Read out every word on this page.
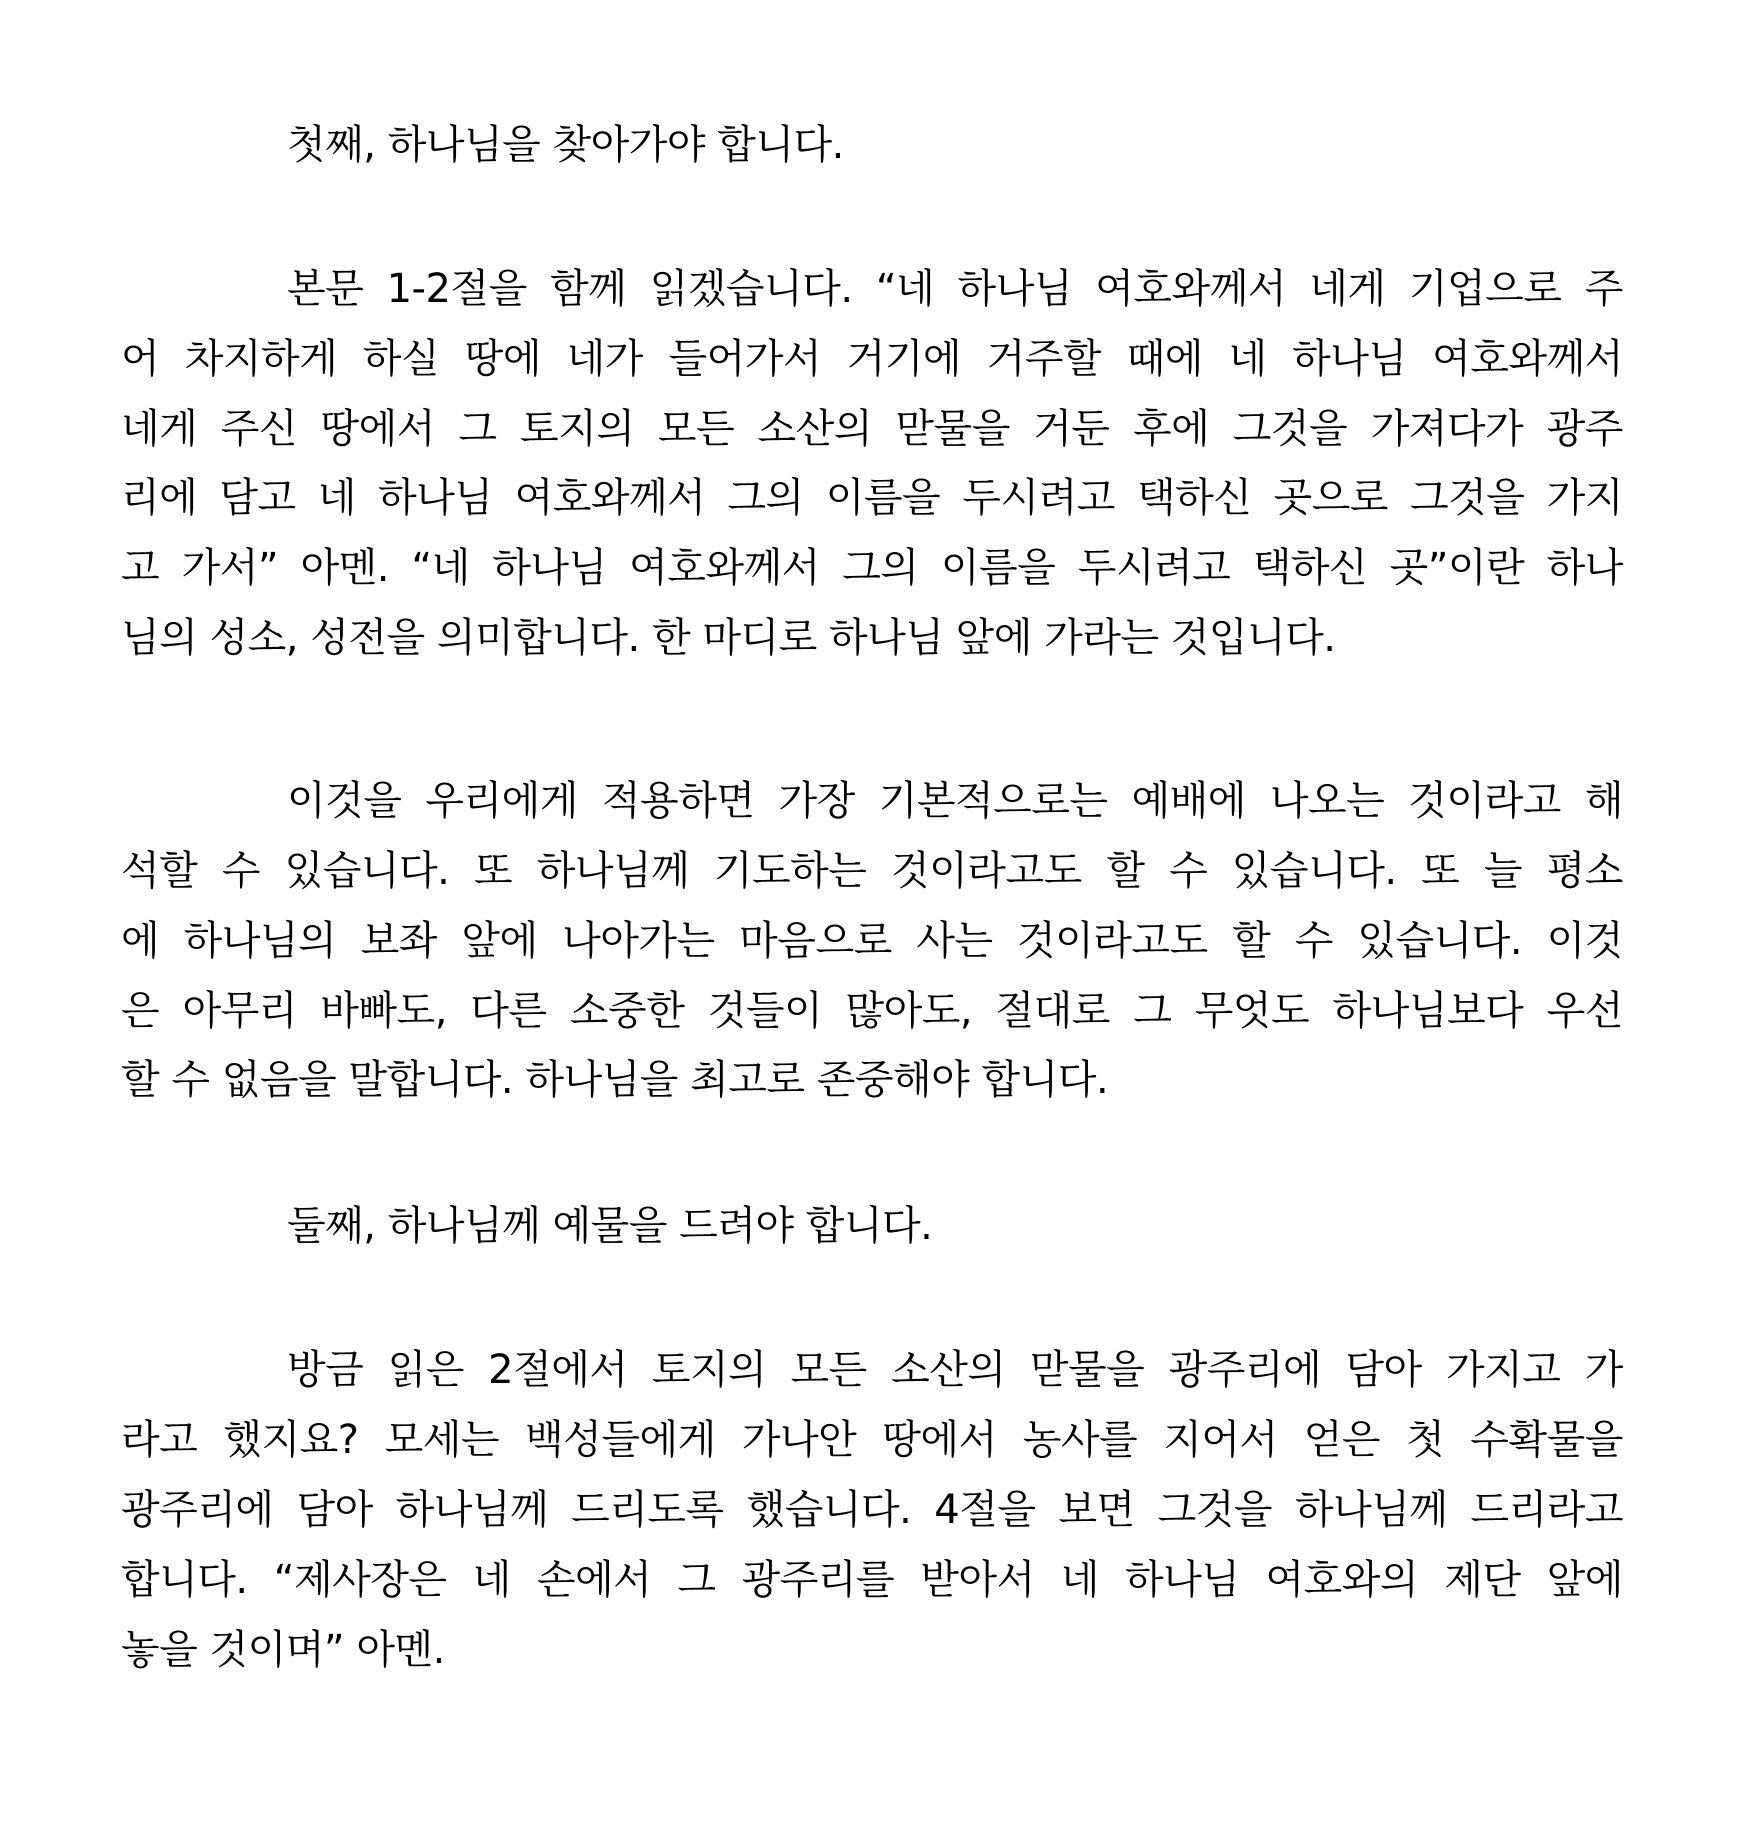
첫째, 하나님을 찾아가야 합니다.
본문 1-2절을 함께 읽겠습니다. “네 하나님 여호와께서 네게 기업으로 주
어 차지하게 하실 땅에 네가 들어가서 거기에 거주할 때에 네 하나님 여호와께서
네게 주신 땅에서 그 토지의 모든 소산의 맏물을 거둔 후에 그것을 가져다가 광주
리에 담고 네 하나님 여호와께서 그의 이름을 두시려고 택하신 곳으로 그것을 가지
고 가서” 아멘. “네 하나님 여호와께서 그의 이름을 두시려고 택하신 곳”이란 하나
님의 성소, 성전을 의미합니다. 한 마디로 하나님 앞에 가라는 것입니다.
이것을 우리에게 적용하면 가장 기본적으로는 예배에 나오는 것이라고 해
석할 수 있습니다. 또 하나님께 기도하는 것이라고도 할 수 있습니다. 또 늘 평소
에 하나님의 보좌 앞에 나아가는 마음으로 사는 것이라고도 할 수 있습니다. 이것
은 아무리 바빠도, 다른 소중한 것들이 많아도, 절대로 그 무엇도 하나님보다 우선
할 수 없음을 말합니다. 하나님을 최고로 존중해야 합니다.
둘째, 하나님께 예물을 드려야 합니다.
방금 읽은 2절에서 토지의 모든 소산의 맏물을 광주리에 담아 가지고 가
라고 했지요? 모세는 백성들에게 가나안 땅에서 농사를 지어서 얻은 첫 수확물을
광주리에 담아 하나님께 드리도록 했습니다. 4절을 보면 그것을 하나님께 드리라고
합니다. “제사장은 네 손에서 그 광주리를 받아서 네 하나님 여호와의 제단 앞에
놓을 것이며” 아멘.
